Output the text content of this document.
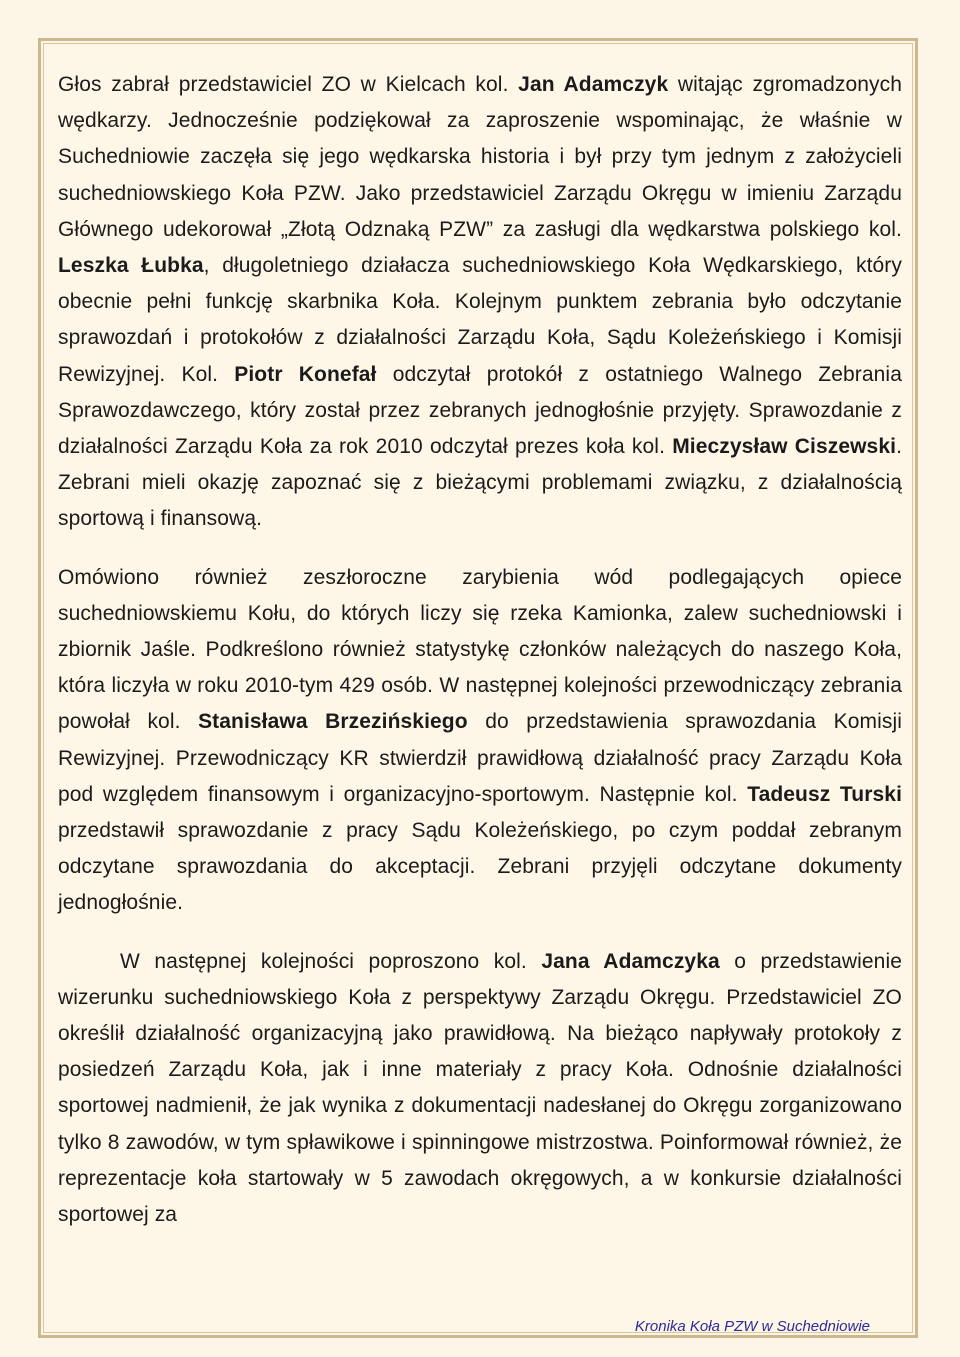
Głos zabrał przedstawiciel ZO w Kielcach kol. Jan Adamczyk witając zgromadzonych wędkarzy. Jednocześnie podziękował za zaproszenie wspominając, że właśnie w Suchedniowie zaczęła się jego wędkarska historia i był przy tym jednym z założycieli suchedniowskiego Koła PZW. Jako przedstawiciel Zarządu Okręgu w imieniu Zarządu Głównego udekorował „Złotą Odznaką PZW” za zasługi dla wędkarstwa polskiego kol. Leszka Łubka, długoletniego działacza suchedniowskiego Koła Wędkarskiego, który obecnie pełni funkcję skarbnika Koła. Kolejnym punktem zebrania było odczytanie sprawozdań i protokołów z działalności Zarządu Koła, Sądu Koleżeńskiego i Komisji Rewizyjnej. Kol. Piotr Konefał odczytał protokół z ostatniego Walnego Zebrania Sprawozdawczego, który został przez zebranych jednogłośnie przyjęty. Sprawozdanie z działalności Zarządu Koła za rok 2010 odczytał prezes koła kol. Mieczysław Ciszewski. Zebrani mieli okazję zapoznać się z bieżącymi problemami związku, z działalnością sportową i finansową.

Omówiono również zeszłoroczne zarybienia wód podlegających opiece suchedniowskiemu Kołu, do których liczy się rzeka Kamionka, zalew suchedniowski i zbiornik Jaśle. Podkreślono również statystykę członków należących do naszego Koła, która liczyła w roku 2010-tym 429 osób. W następnej kolejności przewodniczący zebrania powołał kol. Stanisława Brzezińskiego do przedstawienia sprawozdania Komisji Rewizyjnej. Przewodniczący KR stwierdził prawidłową działalność pracy Zarządu Koła pod względem finansowym i organizacyjno-sportowym. Następnie kol. Tadeusz Turski przedstawił sprawozdanie z pracy Sądu Koleżeńskiego, po czym poddał zebranym odczytane sprawozdania do akceptacji. Zebrani przyjęli odczytane dokumenty jednogłośnie.

W następnej kolejności poproszono kol. Jana Adamczyka o przedstawienie wizerunku suchedniowskiego Koła z perspektywy Zarządu Okręgu. Przedstawiciel ZO określił działalność organizacyjną jako prawidłową. Na bieżąco napływały protokoły z posiedzeń Zarządu Koła, jak i inne materiały z pracy Koła. Odnośnie działalności sportowej nadmienił, że jak wynika z dokumentacji nadesłanej do Okręgu zorganizowano tylko 8 zawodów, w tym spławikowe i spinningowe mistrzostwa. Poinformował również, że reprezentacje koła startowały w 5 zawodach okręgowych, a w konkursie działalności sportowej za

Kronika Koła PZW w Suchedniowie
